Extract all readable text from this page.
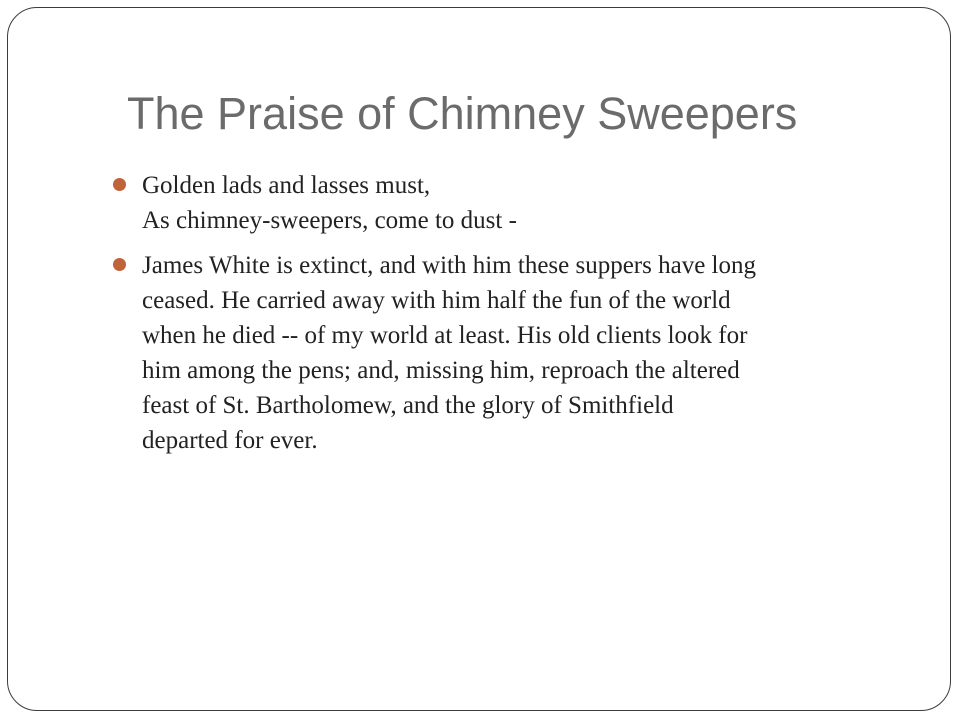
The Praise of Chimney Sweepers
Golden lads and lasses must,
As chimney-sweepers, come to dust -
James White is extinct, and with him these suppers have long
ceased. He carried away with him half the fun of the world
when he died -- of my world at least. His old clients look for
him among the pens; and, missing him, reproach the altered
feast of St. Bartholomew, and the glory of Smithfield
departed for ever.
